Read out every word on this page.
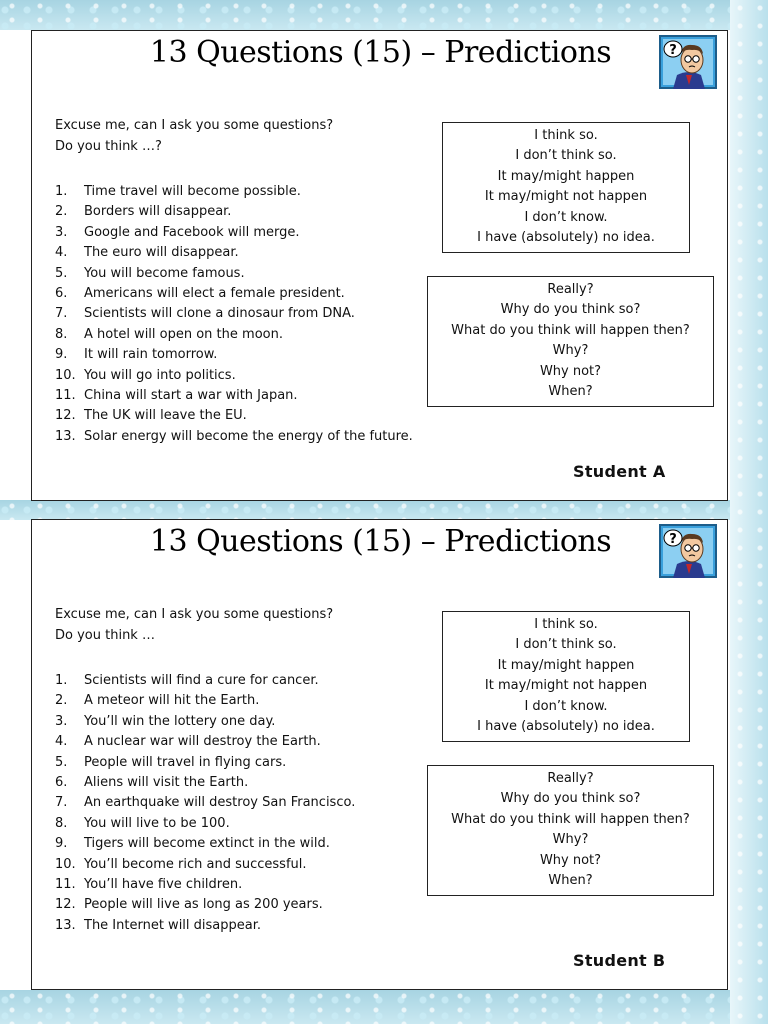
13 Questions (15) – Predictions	?
Excuse me, can I ask you some questions?
Do you think …?
1.	Time travel will become possible.
2.	Borders will disappear.
3.	Google and Facebook will merge.
4.	The euro will disappear.
5.	You will become famous.
6.	Americans will elect a female president.
7.	Scientists will clone a dinosaur from DNA.
8.	A hotel will open on the moon.
9.	It will rain tomorrow.
10. You will go into politics.
11. China will start a war with Japan.
12. The UK will leave the EU.
13. Solar energy will become the energy of the future.
I think so.
I don’t think so.
It may/might happen
It may/might not happen
I don’t know.
I have (absolutely) no idea.
Really?
Why do you think so?
What do you think will happen then?
Why?
Why not?
When?
Student A
13 Questions (15) – Predictions	?
Excuse me, can I ask you some questions?
Do you think …
1.	Scientists will find a cure for cancer.
2.	A meteor will hit the Earth.
3.	You’ll win the lottery one day.
4.	A nuclear war will destroy the Earth.
5.	People will travel in flying cars.
6.	Aliens will visit the Earth.
7.	An earthquake will destroy San Francisco.
8.	You will live to be 100.
9.	Tigers will become extinct in the wild.
10. You’ll become rich and successful.
11. You’ll have five children.
12. People will live as long as 200 years.
13. The Internet will disappear.
I think so.
I don’t think so.
It may/might happen
It may/might not happen
I don’t know.
I have (absolutely) no idea.
Really?
Why do you think so?
What do you think will happen then?
Why?
Why not?
When?
Student B
